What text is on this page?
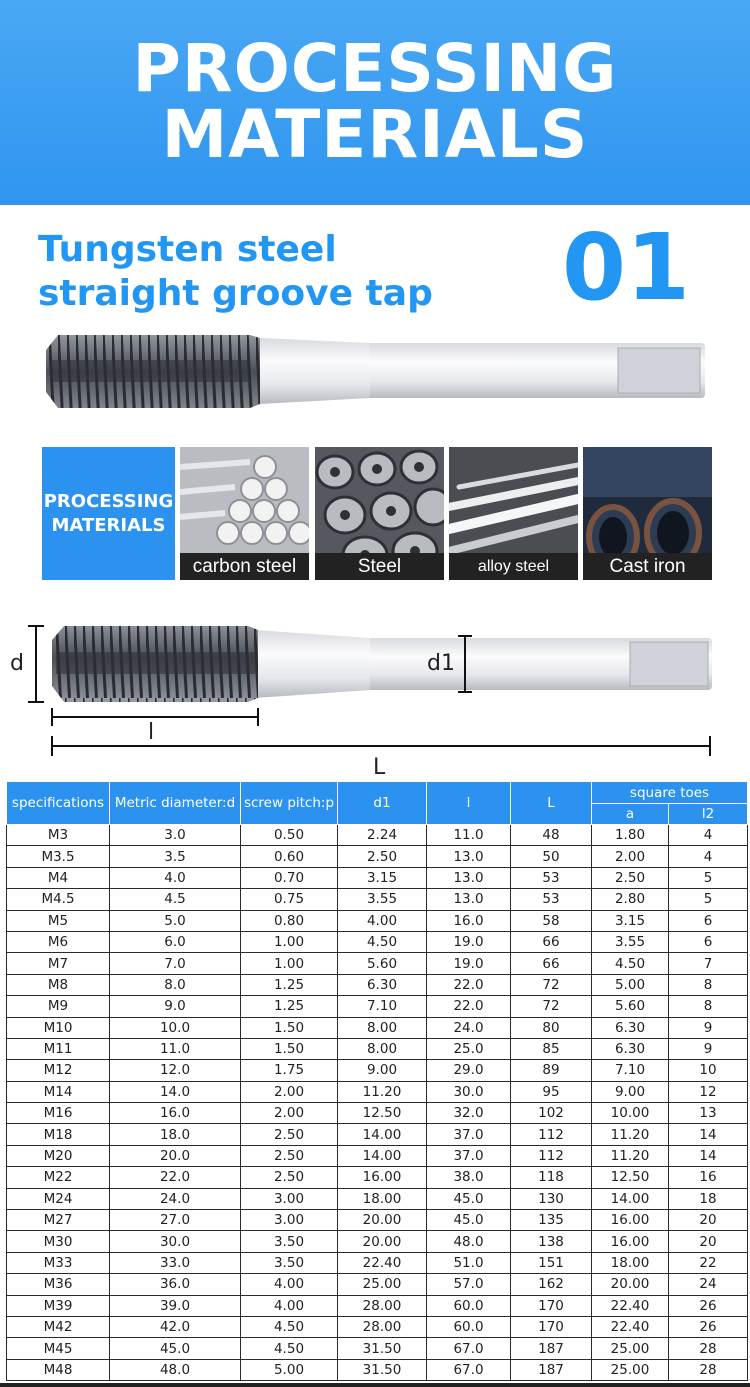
PROCESSING
MATERIALS
Tungsten steel
straight groove tap 01
PROCESSING
MATERIALS
carbon steel	Steel	alloy steel	Cast iron
d	d1
l
L
specifications	Metric diameter:d	screw pitch:p	d1	l	L	square toes	
						a	l2
M3	3.0	0.50	2.24	11.0	48	1.80	4
M3.5	3.5	0.60	2.50	13.0	50	2.00	4
M4	4.0	0.70	3.15	13.0	53	2.50	5
M4.5	4.5	0.75	3.55	13.0	53	2.80	5
M5	5.0	0.80	4.00	16.0	58	3.15	6
M6	6.0	1.00	4.50	19.0	66	3.55	6
M7	7.0	1.00	5.60	19.0	66	4.50	7
M8	8.0	1.25	6.30	22.0	72	5.00	8
M9	9.0	1.25	7.10	22.0	72	5.60	8
M10	10.0	1.50	8.00	24.0	80	6.30	9
M11	11.0	1.50	8.00	25.0	85	6.30	9
M12	12.0	1.75	9.00	29.0	89	7.10	10
M14	14.0	2.00	11.20	30.0	95	9.00	12
M16	16.0	2.00	12.50	32.0	102	10.00	13
M18	18.0	2.50	14.00	37.0	112	11.20	14
M20	20.0	2.50	14.00	37.0	112	11.20	14
M22	22.0	2.50	16.00	38.0	118	12.50	16
M24	24.0	3.00	18.00	45.0	130	14.00	18
M27	27.0	3.00	20.00	45.0	135	16.00	20
M30	30.0	3.50	20.00	48.0	138	16.00	20
M33	33.0	3.50	22.40	51.0	151	18.00	22
M36	36.0	4.00	25.00	57.0	162	20.00	24
M39	39.0	4.00	28.00	60.0	170	22.40	26
M42	42.0	4.50	28.00	60.0	170	22.40	26
M45	45.0	4.50	31.50	67.0	187	25.00	28
M48	48.0	5.00	31.50	67.0	187	25.00	28
